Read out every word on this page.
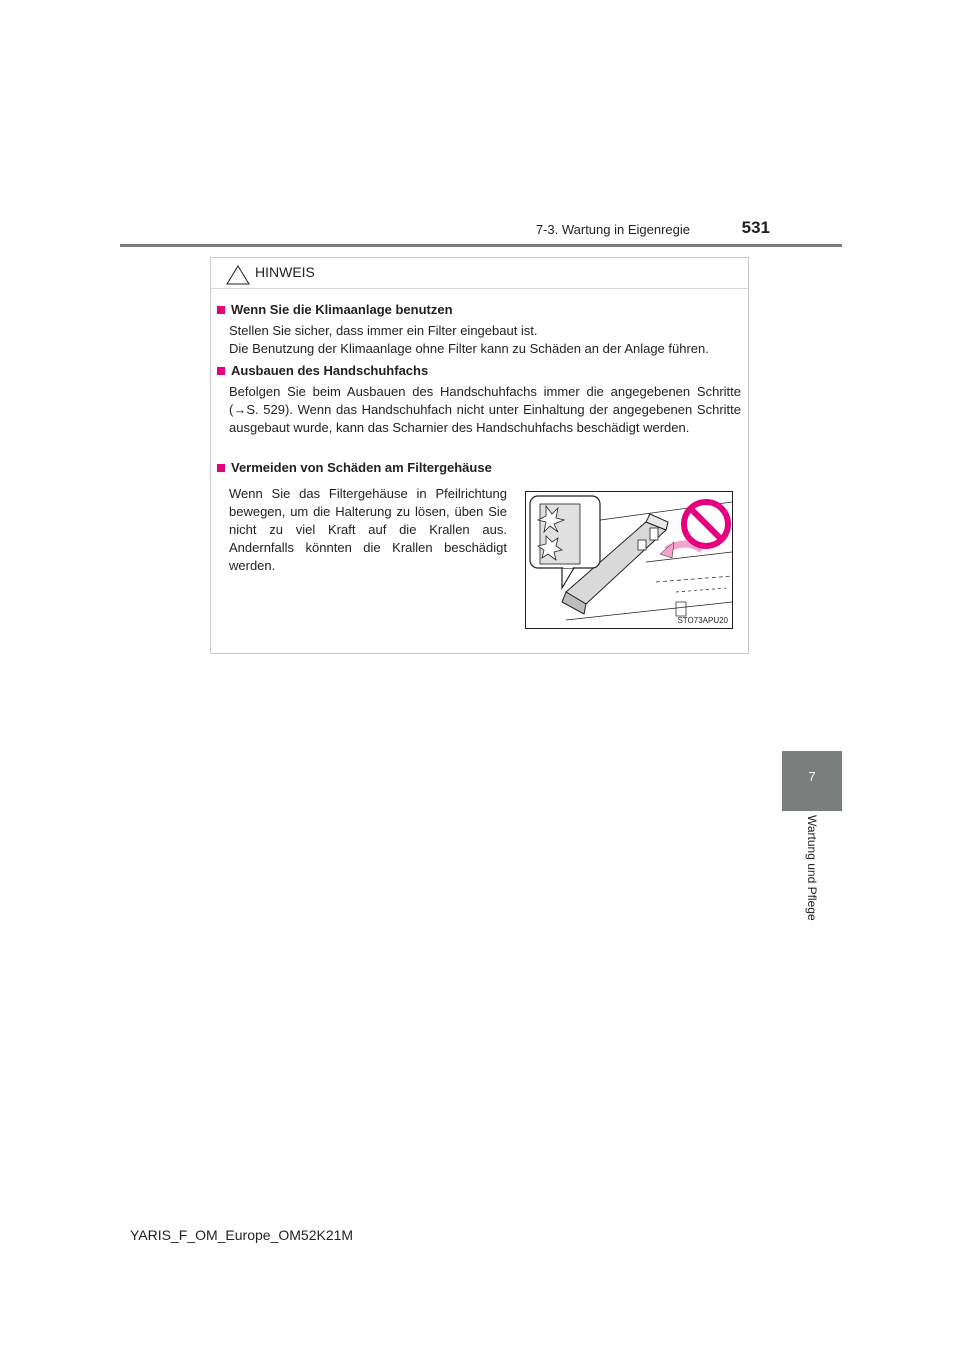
7-3. Wartung in Eigenregie	531
HINWEIS
Wenn Sie die Klimaanlage benutzen
Stellen Sie sicher, dass immer ein Filter eingebaut ist.
Die Benutzung der Klimaanlage ohne Filter kann zu Schäden an der Anlage führen.
Ausbauen des Handschuhfachs
Befolgen Sie beim Ausbauen des Handschuhfachs immer die angegebenen Schritte (→S. 529). Wenn das Handschuhfach nicht unter Einhaltung der angegebenen Schritte ausgebaut wurde, kann das Scharnier des Handschuhfachs beschädigt werden.
Vermeiden von Schäden am Filtergehäuse
Wenn Sie das Filtergehäuse in Pfeilrichtung bewegen, um die Halterung zu lösen, üben Sie nicht zu viel Kraft auf die Krallen aus. Andernfalls könnten die Krallen beschädigt werden.
STO73APU20
7
Wartung und Pflege
YARIS_F_OM_Europe_OM52K21M
